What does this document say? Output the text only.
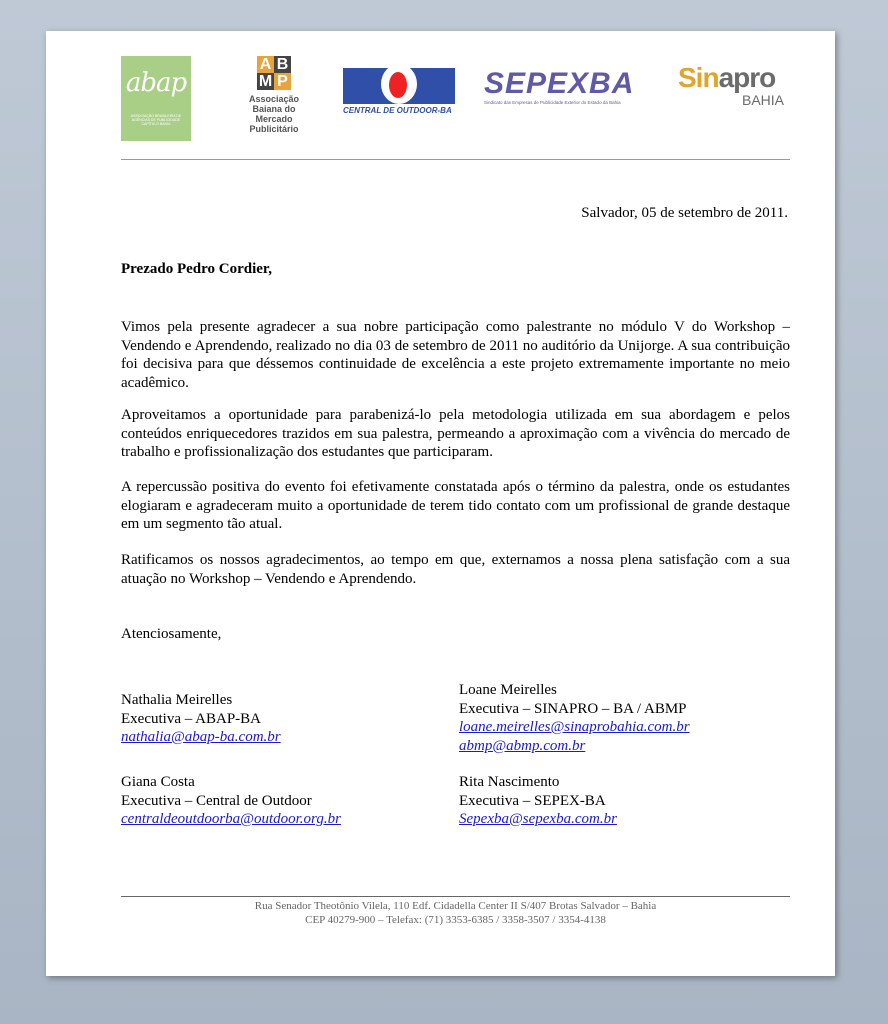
abap
ASSOCIAÇÃO BRASILEIRA DE AGÊNCIAS DE PUBLICIDADE CAPÍTULO BAHIA
A B
M P
Associação Baiana do Mercado Publicitário
CENTRAL DE OUTDOOR-BA
SEPEXBA
Sindicato das Empresas de Publicidade Exterior do Estado da Bahia
Sinapro
BAHIA
Salvador, 05 de setembro de 2011.
Prezado Pedro Cordier,
Vimos pela presente agradecer a sua nobre participação como palestrante no módulo V do Workshop – Vendendo e Aprendendo, realizado no dia 03 de setembro de 2011 no auditório da Unijorge. A sua contribuição foi decisiva para que déssemos continuidade de excelência a este projeto extremamente importante no meio acadêmico.
Aproveitamos a oportunidade para parabenizá-lo pela metodologia utilizada em sua abordagem e pelos conteúdos enriquecedores trazidos em sua palestra, permeando a aproximação com a vivência do mercado de trabalho e profissionalização dos estudantes que participaram.
A repercussão positiva do evento foi efetivamente constatada após o término da palestra, onde os estudantes elogiaram e agradeceram muito a oportunidade de terem tido contato com um profissional de grande destaque em um segmento tão atual.
Ratificamos os nossos agradecimentos, ao tempo em que, externamos a nossa plena satisfação com a sua atuação no Workshop – Vendendo e Aprendendo.
Atenciosamente,
Nathalia Meirelles
Executiva – ABAP-BA
nathalia@abap-ba.com.br
Loane Meirelles
Executiva – SINAPRO – BA / ABMP
loane.meirelles@sinaprobahia.com.br
abmp@abmp.com.br
Giana Costa
Executiva – Central de Outdoor
centraldeoutdoorba@outdoor.org.br
Rita Nascimento
Executiva – SEPEX-BA
Sepexba@sepexba.com.br
Rua Senador Theotônio Vilela, 110 Edf. Cidadella Center II S/407 Brotas Salvador – Bahia
CEP 40279-900 – Telefax: (71) 3353-6385 / 3358-3507 / 3354-4138
